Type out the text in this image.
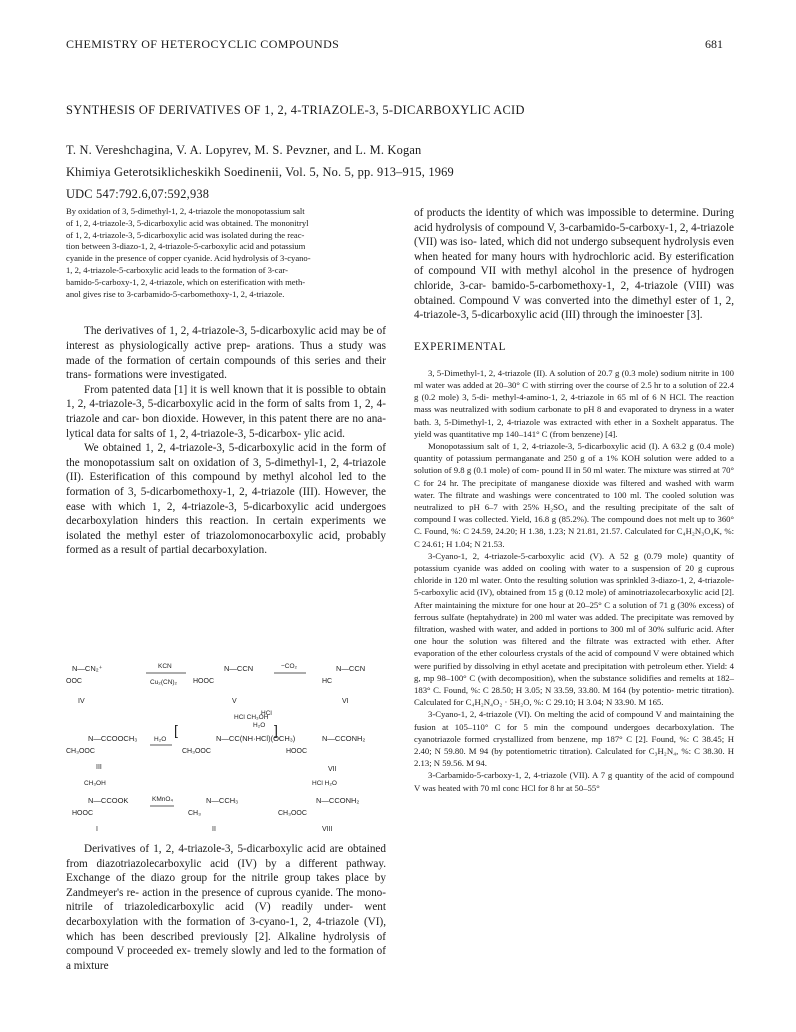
CHEMISTRY OF HETEROCYCLIC COMPOUNDS	681

SYNTHESIS OF DERIVATIVES OF 1, 2, 4-TRIAZOLE-3, 5-DICARBOXYLIC ACID

T. N. Vereshchagina, V. A. Lopyrev, M. S. Pevzner, and L. M. Kogan

Khimiya Geterotsiklicheskikh Soedinenii, Vol. 5, No. 5, pp. 913–915, 1969

UDC 547:792.6,07:592,938

By oxidation of 3, 5-dimethyl-1, 2, 4-triazole the monopotassium salt

of 1, 2, 4-triazole-3, 5-dicarboxylic acid was obtained. The mononitryl

of 1, 2, 4-triazole-3, 5-dicarboxylic acid was isolated during the reac-

tion between 3-diazo-1, 2, 4-triazole-5-carboxylic acid and potassium

cyanide in the presence of copper cyanide. Acid hydrolysis of 3-cyano-

1, 2, 4-triazole-5-carboxylic acid leads to the formation of 3-car-

bamido-5-carboxy-1, 2, 4-triazole, which on esterification with meth-

anol gives rise to 3-carbamido-5-carbomethoxy-1, 2, 4-triazole.

The derivatives of 1, 2, 4-triazole-3, 5-dicarboxylic acid may be of interest as physiologically active prep- arations. Thus a study was made of the formation of certain compounds of this series and their trans- formations were investigated.

From patented data [1] it is well known that it is possible to obtain 1, 2, 4-triazole-3, 5-dicarboxylic acid in the form of salts from 1, 2, 4-triazole and car- bon dioxide. However, in this patent there are no ana- lytical data for salts of 1, 2, 4-triazole-3, 5-dicarbox- ylic acid.

We obtained 1, 2, 4-triazole-3, 5-dicarboxylic acid in the form of the monopotassium salt on oxidation of 3, 5-dimethyl-1, 2, 4-triazole (II). Esterification of this compound by methyl alcohol led to the formation of 3, 5-dicarbomethoxy-1, 2, 4-triazole (III). However, the ease with which 1, 2, 4-triazole-3, 5-dicarboxylic acid undergoes decarboxylation hinders this reaction. In certain experiments we isolated the methyl ester of triazolomonocarboxylic acid, probably formed as a result of partial decarboxylation.

N—CN₂⁺
OOC
IV
KCN
Cu₂(CN)₂
N—CCN
HOOC
V
−CO₂	N—CCN
HC
VI
HCl CH₃OH
HCl
H₂O
N—CCOOCH₃
CH₃OOC
III
H₂O
[
N—CC(NH·HCl)(OCH₃)
CH₃OOC
]
N—CCONH₂
HOOC
VII
CH₃OH	HCl H₂O
N—CCOOK
HOOC
I
KMnO₄	N—CCH₃
CH₃
II
N—CCONH₂
CH₃OOC
VIII

Derivatives of 1, 2, 4-triazole-3, 5-dicarboxylic acid are obtained from diazotriazolecarboxylic acid (IV) by a different pathway. Exchange of the diazo group for the nitrile group takes place by Zandmeyer's re- action in the presence of cuprous cyanide. The mono- nitrile of triazoledicarboxylic acid (V) readily under- went decarboxylation with the formation of 3-cyano-1, 2, 4-triazole (VI), which has been described previously [2]. Alkaline hydrolysis of compound V proceeded ex- tremely slowly and led to the formation of a mixture

of products the identity of which was impossible to determine. During acid hydrolysis of compound V, 3-carbamido-5-carboxy-1, 2, 4-triazole (VII) was iso- lated, which did not undergo subsequent hydrolysis even when heated for many hours with hydrochloric acid. By esterification of compound VII with methyl alcohol in the presence of hydrogen chloride, 3-car- bamido-5-carbomethoxy-1, 2, 4-triazole (VIII) was obtained. Compound V was converted into the dimethyl ester of 1, 2, 4-triazole-3, 5-dicarboxylic acid (III) through the iminoester [3].

EXPERIMENTAL

3, 5-Dimethyl-1, 2, 4-triazole (II). A solution of 20.7 g (0.3 mole) sodium nitrite in 100 ml water was added at 20–30° C with stirring over the course of 2.5 hr to a solution of 22.4 g (0.2 mole) 3, 5-di- methyl-4-amino-1, 2, 4-triazole in 65 ml of 6 N HCl. The reaction mass was neutralized with sodium carbonate to pH 8 and evaporated to dryness in a water bath. 3, 5-Dimethyl-1, 2, 4-triazole was extracted with ether in a Soxhelt apparatus. The yield was quantitative mp 140–141° C (from benzene) [4].

Monopotassium salt of 1, 2, 4-triazole-3, 5-dicarboxylic acid (I). A 63.2 g (0.4 mole) quantity of potassium permanganate and 250 g of a 1% KOH solution were added to a solution of 9.8 g (0.1 mole) of com- pound II in 50 ml water. The mixture was stirred at 70° C for 24 hr. The precipitate of manganese dioxide was filtered and washed with warm water. The filtrate and washings were concentrated to 100 ml. The cooled solution was neutralized to pH 6–7 with 25% H₂SO₄ and the resulting precipitate of the salt of compound I was collected. Yield, 16.8 g (85.2%). The compound does not melt up to 360° C. Found, %: C 24.59, 24.20; H 1.38, 1.23; N 21.81, 21.57. Calculated for C₄H₂N₃O₄K, %: C 24.61; H 1.04; N 21.53.

3-Cyano-1, 2, 4-triazole-5-carboxylic acid (V). A 52 g (0.79 mole) quantity of potassium cyanide was added on cooling with water to a suspension of 20 g cuprous chloride in 120 ml water. Onto the resulting solution was sprinkled 3-diazo-1, 2, 4-triazole-5-carboxylic acid (IV), obtained from 15 g (0.12 mole) of aminotriazolecarboxylic acid [2]. After maintaining the mixture for one hour at 20–25° C a solution of 71 g (30% excess) of ferrous sulfate (heptahydrate) in 200 ml water was added. The precipitate was removed by filtration, washed with water, and added in portions to 300 ml of 30% sulfuric acid. After one hour the solution was filtered and the filtrate was extracted with ether. After evaporation of the ether colourless crystals of the acid of compound V were obtained which were purified by dissolving in ethyl acetate and precipitation with petroleum ether. Yield: 4 g, mp 98–100° C (with decomposition), when the substance solidifies and remelts at 182–183° C. Found, %: C 28.50; H 3.05; N 33.59, 33.80. M 164 (by potentio- metric titration). Calculated for C₄H₂N₄O₂ · 5H₂O, %: C 29.10; H 3.04; N 33.90. M 165.

3-Cyano-1, 2, 4-triazole (VI). On melting the acid of compound V and maintaining the fusion at 105–110° C for 5 min the compound undergoes decarboxylation. The cyanotriazole formed crystallized from benzene, mp 187° C [2]. Found, %: C 38.45; H 2.40; N 59.80. M 94 (by potentiometric titration). Calculated for C₃H₂N₄, %: C 38.30. H 2.13; N 59.56. M 94.

3-Carbamido-5-carboxy-1, 2, 4-triazole (VII). A 7 g quantity of the acid of compound V was heated with 70 ml conc HCl for 8 hr at 50–55°
